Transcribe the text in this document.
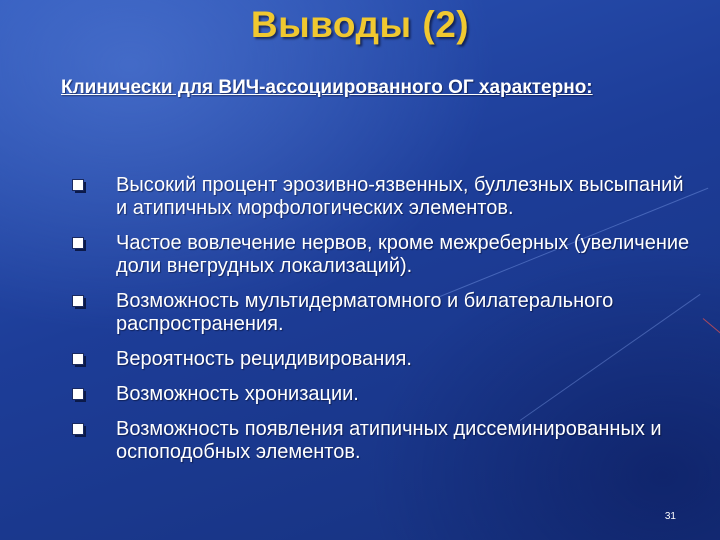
Выводы (2)
Клинически для ВИЧ-ассоциированного ОГ характерно:
Высокий процент эрозивно-язвенных, буллезных высыпаний и атипичных морфологических элементов.
Частое вовлечение нервов, кроме межреберных (увеличение доли внегрудных локализаций).
Возможность мультидерматомного и билатерального распространения.
Вероятность рецидивирования.
Возможность хронизации.
Возможность появления атипичных диссеминированных и оспоподобных элементов.
31
